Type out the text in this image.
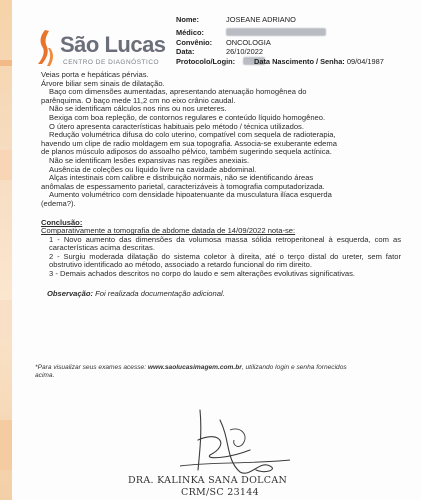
São Lucas
CENTRO DE DIAGNÓSTICO
Nome:	JOSEANE ADRIANO
Médico:
Convênio: ONCOLOGIA
Data:	26/10/2022
Protocolo/Login:	Data Nascimento / Senha: 09/04/1987
Veias porta e hepáticas pérvias.
Árvore biliar sem sinais de dilatação.
Baço com dimensões aumentadas, apresentando atenuação homogênea do
parênquima. O baço mede 11,2 cm no eixo crânio caudal.
Não se identificam cálculos nos rins ou nos ureteres.
Bexiga com boa repleção, de contornos regulares e conteúdo líquido homogêneo.
O útero apresenta características habituais pelo método / técnica utilizados.
Redução volumétrica difusa do colo uterino, compatível com sequela de radioterapia,
havendo um clipe de radio moldagem em sua topografia. Associa-se exuberante edema
de planos músculo adiposos do assoalho pélvico, também sugerindo sequela actínica.
Não se identificam lesões expansivas nas regiões anexiais.
Ausência de coleções ou líquido livre na cavidade abdominal.
Alças intestinais com calibre e distribuição normais, não se identificando áreas
anômalas de espessamento parietal, caracterizáveis à tomografia computadorizada.
Aumento volumétrico com densidade hipoatenuante da musculatura ilíaca esquerda
(edema?).
Conclusão:
Comparativamente a tomografia de abdome datada de 14/09/2022 nota-se:
1 - Novo aumento das dimensões da volumosa massa sólida retroperitoneal à esquerda, com as características acima descritas.
2 - Surgiu moderada dilatação do sistema coletor à direita, até o terço distal do ureter, sem fator obstrutivo identificado ao método, associado a retardo funcional do rim direito.
3 - Demais achados descritos no corpo do laudo e sem alterações evolutivas significativas.
Observação: Foi realizada documentação adicional.
*Para visualizar seus exames acesse: www.saolucasimagem.com.br, utilizando login e senha fornecidos acima.
DRA. KALINKA SANA DOLCAN
CRM/SC 23144
